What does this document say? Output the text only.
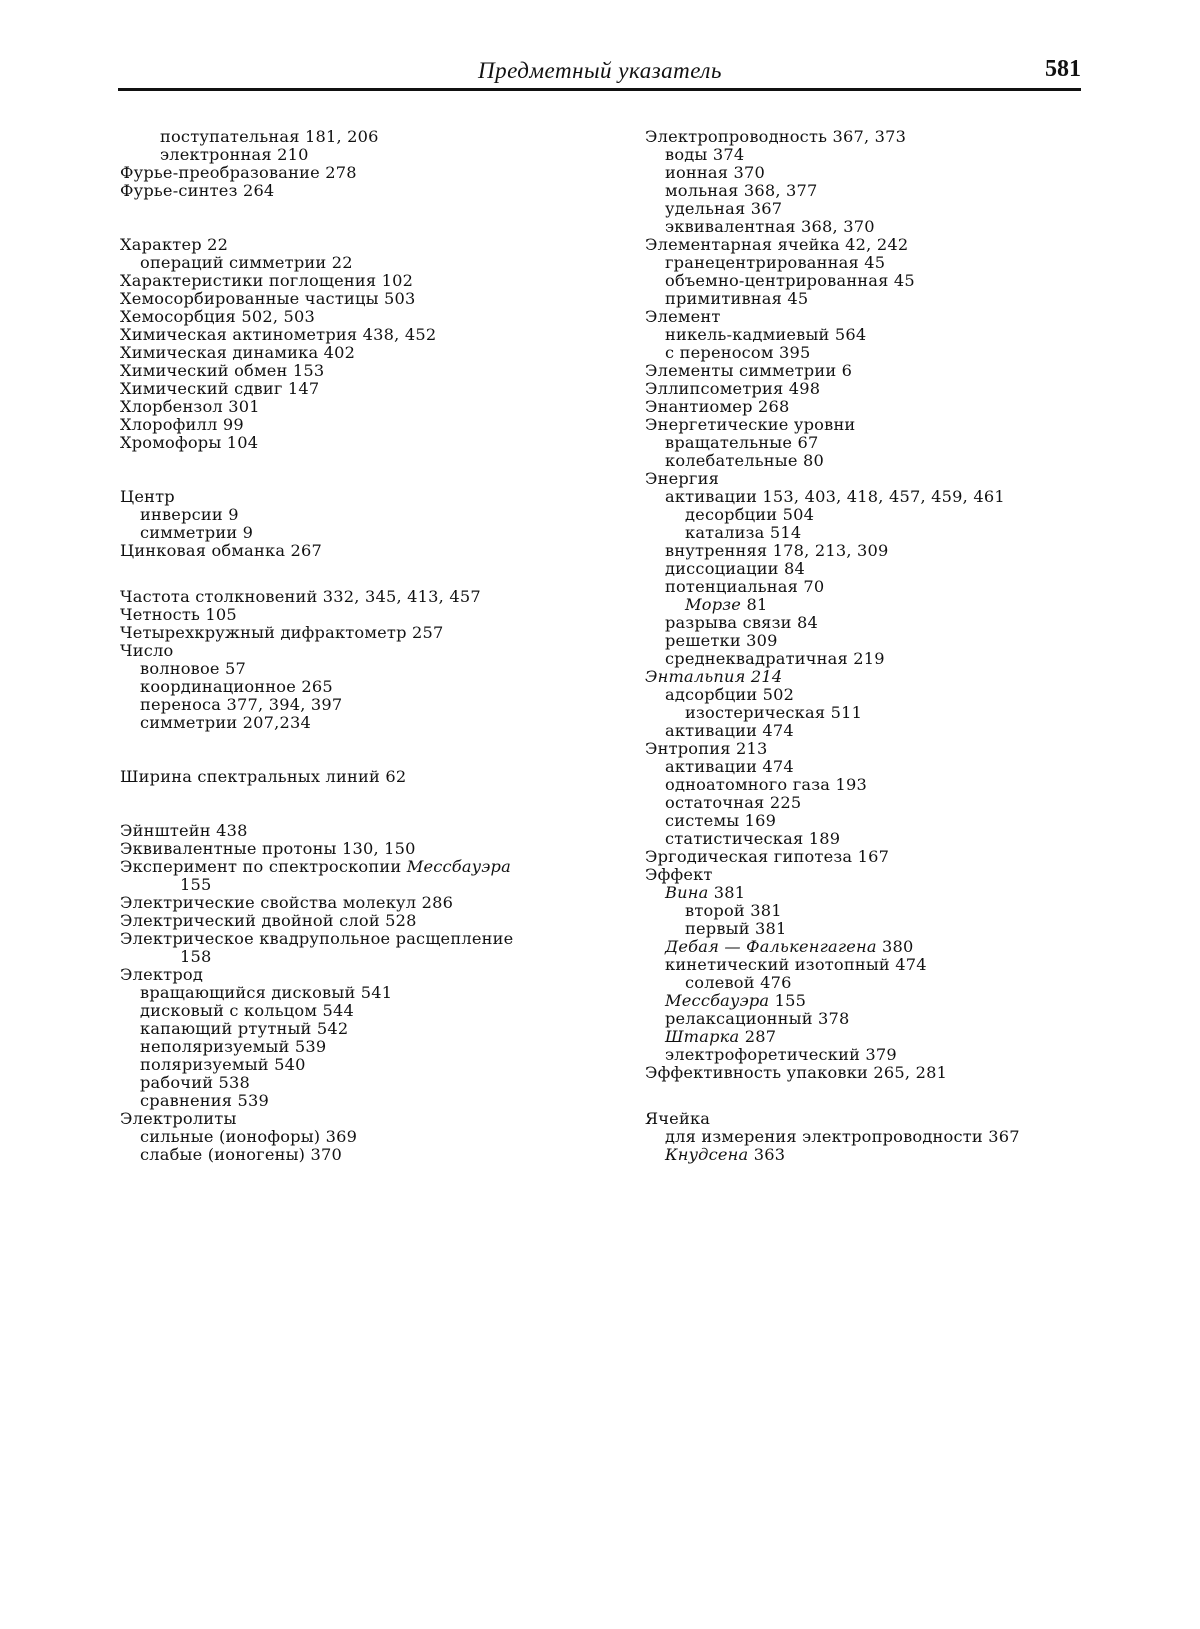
Предметный указатель	581
поступательная 181, 206
электронная 210
Фурье-преобразование 278
Фурье-синтез 264
Характер 22
операций симметрии 22
Характеристики поглощения 102
Хемосорбированные частицы 503
Хемосорбция 502, 503
Химическая актинометрия 438, 452
Химическая динамика 402
Химический обмен 153
Химический сдвиг 147
Хлорбензол 301
Хлорофилл 99
Хромофоры 104
Центр
инверсии 9
симметрии 9
Цинковая обманка 267
Частота столкновений 332, 345, 413, 457
Четность 105
Четырехкружный дифрактометр 257
Число
волновое 57
координационное 265
переноса 377, 394, 397
симметрии 207,234
Ширина спектральных линий 62
Эйнштейн 438
Эквивалентные протоны 130, 150
Эксперимент по спектроскопии Мессбауэра
155
Электрические свойства молекул 286
Электрический двойной слой 528
Электрическое квадрупольное расщепление
158
Электрод
вращающийся дисковый 541
дисковый с кольцом 544
капающий ртутный 542
неполяризуемый 539
поляризуемый 540
рабочий 538
сравнения 539
Электролиты
сильные (ионофоры) 369
слабые (ионогены) 370
Электропроводность 367, 373
воды 374
ионная 370
мольная 368, 377
удельная 367
эквивалентная 368, 370
Элементарная ячейка 42, 242
гранецентрированная 45
объемно-центрированная 45
примитивная 45
Элемент
никель-кадмиевый 564
с переносом 395
Элементы симметрии 6
Эллипсометрия 498
Энантиомер 268
Энергетические уровни
вращательные 67
колебательные 80
Энергия
активации 153, 403, 418, 457, 459, 461
десорбции 504
катализа 514
внутренняя 178, 213, 309
диссоциации 84
потенциальная 70
Морзе 81
разрыва связи 84
решетки 309
среднеквадратичная 219
Энтальпия 214
адсорбции 502
изостерическая 511
активации 474
Энтропия 213
активации 474
одноатомного газа 193
остаточная 225
системы 169
статистическая 189
Эргодическая гипотеза 167
Эффект
Вина 381
второй 381
первый 381
Дебая — Фалькенгагена 380
кинетический изотопный 474
солевой 476
Мессбауэра 155
релаксационный 378
Штарка 287
электрофоретический 379
Эффективность упаковки 265, 281
Ячейка
для измерения электропроводности 367
Кнудсена 363
